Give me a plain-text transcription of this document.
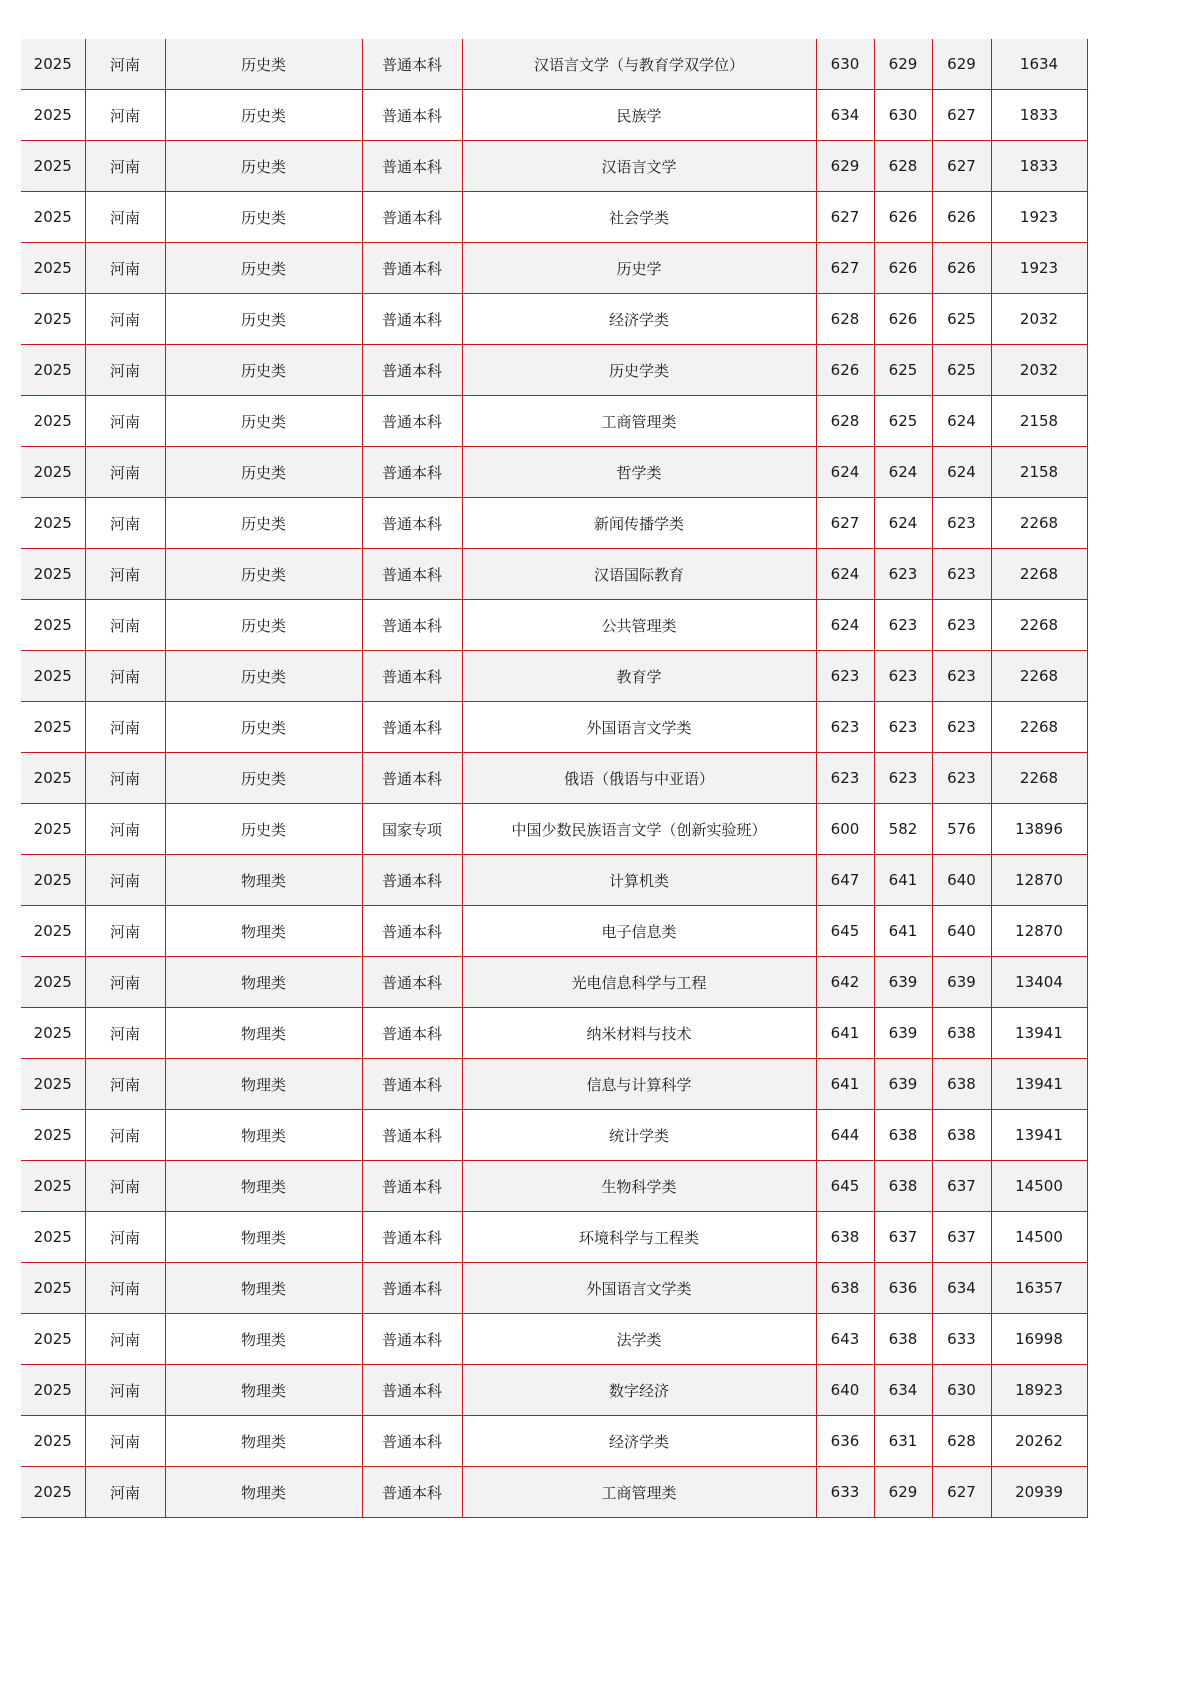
2025	河南	历史类	普通本科	汉语言文学（与教育学双学位）	630	629	629	1634
2025	河南	历史类	普通本科	民族学	634	630	627	1833
2025	河南	历史类	普通本科	汉语言文学	629	628	627	1833
2025	河南	历史类	普通本科	社会学类	627	626	626	1923
2025	河南	历史类	普通本科	历史学	627	626	626	1923
2025	河南	历史类	普通本科	经济学类	628	626	625	2032
2025	河南	历史类	普通本科	历史学类	626	625	625	2032
2025	河南	历史类	普通本科	工商管理类	628	625	624	2158
2025	河南	历史类	普通本科	哲学类	624	624	624	2158
2025	河南	历史类	普通本科	新闻传播学类	627	624	623	2268
2025	河南	历史类	普通本科	汉语国际教育	624	623	623	2268
2025	河南	历史类	普通本科	公共管理类	624	623	623	2268
2025	河南	历史类	普通本科	教育学	623	623	623	2268
2025	河南	历史类	普通本科	外国语言文学类	623	623	623	2268
2025	河南	历史类	普通本科	俄语（俄语与中亚语）	623	623	623	2268
2025	河南	历史类	国家专项	中国少数民族语言文学（创新实验班）	600	582	576	13896
2025	河南	物理类	普通本科	计算机类	647	641	640	12870
2025	河南	物理类	普通本科	电子信息类	645	641	640	12870
2025	河南	物理类	普通本科	光电信息科学与工程	642	639	639	13404
2025	河南	物理类	普通本科	纳米材料与技术	641	639	638	13941
2025	河南	物理类	普通本科	信息与计算科学	641	639	638	13941
2025	河南	物理类	普通本科	统计学类	644	638	638	13941
2025	河南	物理类	普通本科	生物科学类	645	638	637	14500
2025	河南	物理类	普通本科	环境科学与工程类	638	637	637	14500
2025	河南	物理类	普通本科	外国语言文学类	638	636	634	16357
2025	河南	物理类	普通本科	法学类	643	638	633	16998
2025	河南	物理类	普通本科	数字经济	640	634	630	18923
2025	河南	物理类	普通本科	经济学类	636	631	628	20262
2025	河南	物理类	普通本科	工商管理类	633	629	627	20939
